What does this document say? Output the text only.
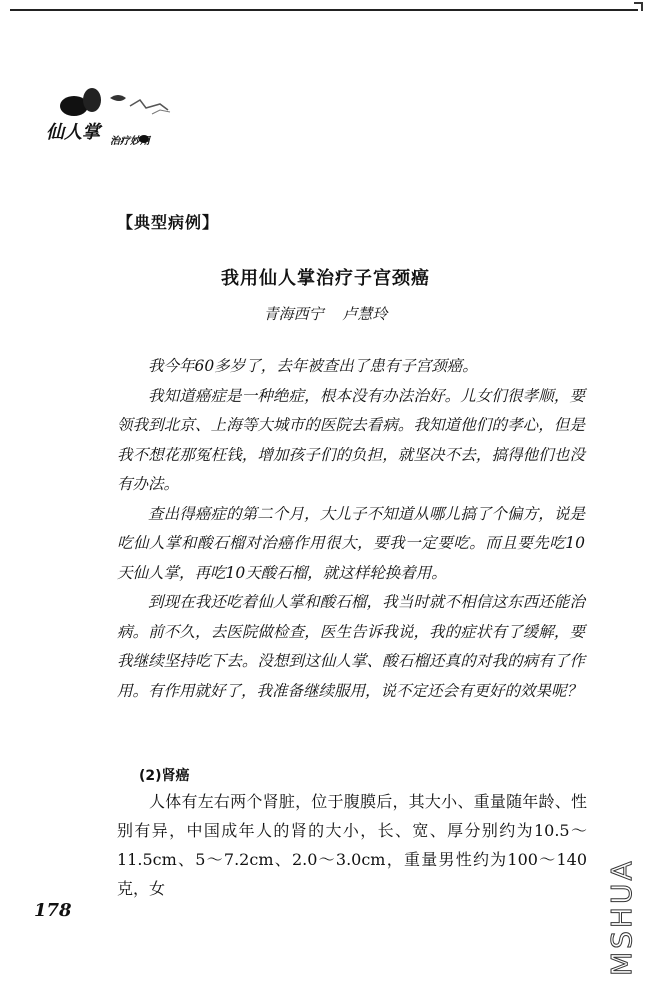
仙人掌 治疗妙用
【典型病例】
我用仙人掌治疗子宫颈癌
青海西宁 卢慧玲

我今年60多岁了，去年被查出了患有子宫颈癌。

我知道癌症是一种绝症，根本没有办法治好。儿女们很孝顺，要领我到北京、上海等大城市的医院去看病。我知道他们的孝心，但是我不想花那冤枉钱，增加孩子们的负担，就坚决不去，搞得他们也没有办法。

查出得癌症的第二个月，大儿子不知道从哪儿搞了个偏方，说是吃仙人掌和酸石榴对治癌作用很大，要我一定要吃。而且要先吃10天仙人掌，再吃10天酸石榴，就这样轮换着用。

到现在我还吃着仙人掌和酸石榴，我当时就不相信这东西还能治病。前不久，去医院做检查，医生告诉我说，我的症状有了缓解，要我继续坚持吃下去。没想到这仙人掌、酸石榴还真的对我的病有了作用。有作用就好了，我准备继续服用，说不定还会有更好的效果呢？

(2)肾癌

人体有左右两个肾脏，位于腹膜后，其大小、重量随年龄、性别有异，中国成年人的肾的大小，长、宽、厚分别约为10.5～11.5cm、5～7.2cm、2.0～3.0cm，重量男性约为100～140克，女

178	MSHUA
